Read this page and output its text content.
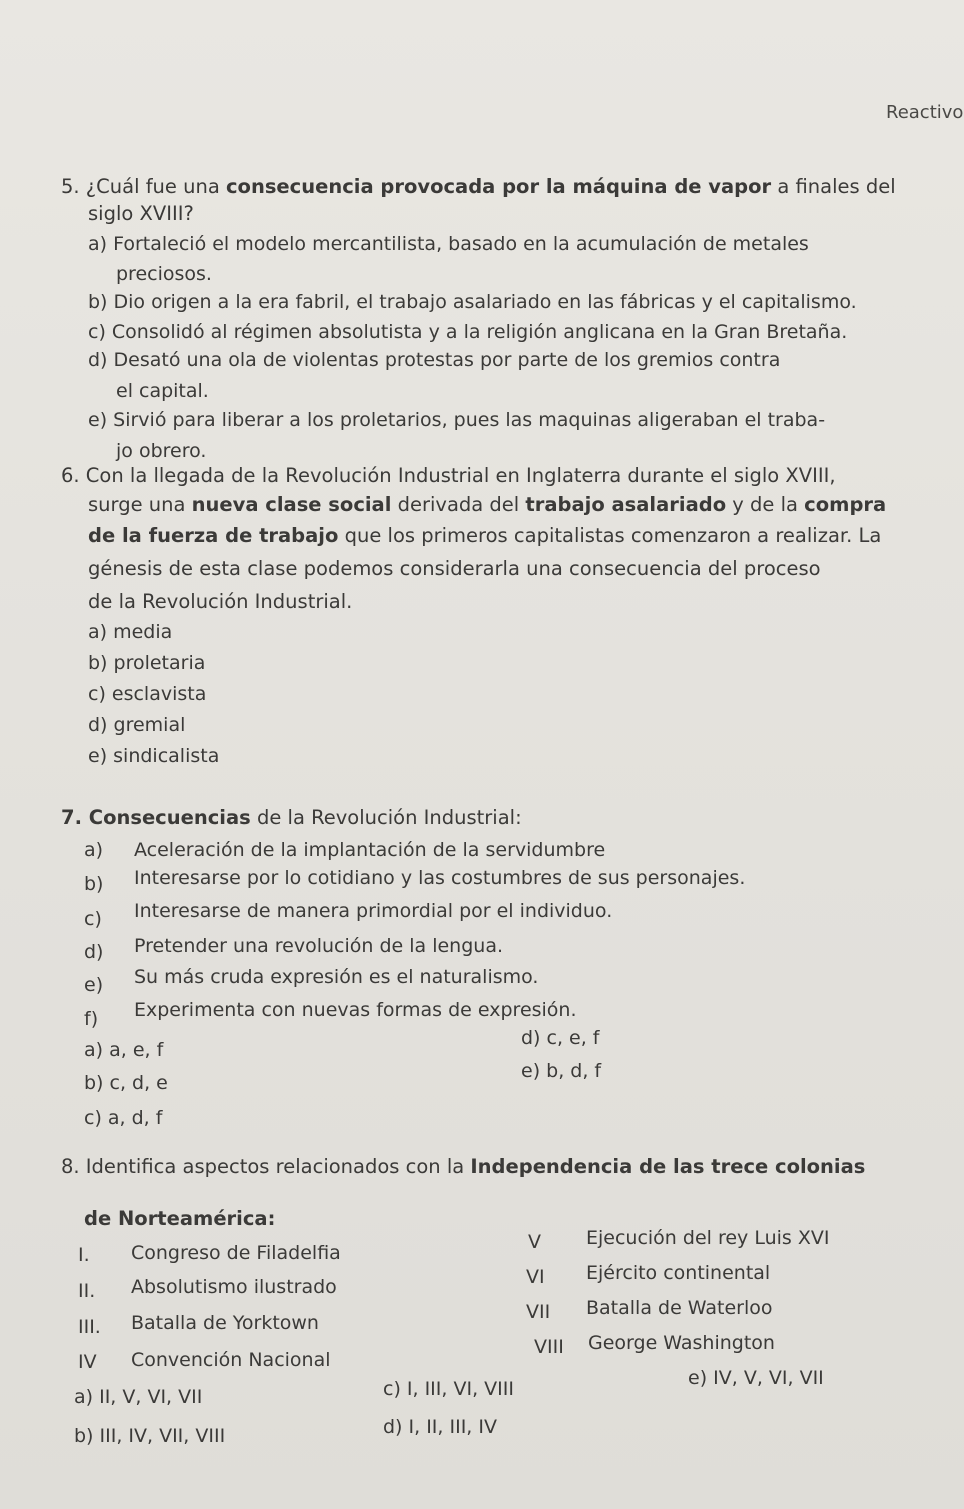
Reactivo
5. ¿Cuál fue una consecuencia provocada por la máquina de vapor a finales del
siglo XVIII?
a) Fortaleció el modelo mercantilista, basado en la acumulación de metales
preciosos.
b) Dio origen a la era fabril, el trabajo asalariado en las fábricas y el capitalismo.
c) Consolidó al régimen absolutista y a la religión anglicana en la Gran Bretaña.
d) Desató una ola de violentas protestas por parte de los gremios contra
el capital.
e) Sirvió para liberar a los proletarios, pues las maquinas aligeraban el traba-
jo obrero.
6. Con la llegada de la Revolución Industrial en Inglaterra durante el siglo XVIII,
surge una nueva clase social derivada del trabajo asalariado y de la compra
de la fuerza de trabajo que los primeros capitalistas comenzaron a realizar. La
génesis de esta clase podemos considerarla una consecuencia del proceso
de la Revolución Industrial.
a) media
b) proletaria
c) esclavista
d) gremial
e) sindicalista
7. Consecuencias de la Revolución Industrial:
a) Aceleración de la implantación de la servidumbre
b) Interesarse por lo cotidiano y las costumbres de sus personajes.
c) Interesarse de manera primordial por el individuo.
d) Pretender una revolución de la lengua.
e) Su más cruda expresión es el naturalismo.
f) Experimenta con nuevas formas de expresión.
a) a, e, f
b) c, d, e
c) a, d, f
d) c, e, f
e) b, d, f
8. Identifica aspectos relacionados con la Independencia de las trece colonias
de Norteamérica:
I. Congreso de Filadelfia
II. Absolutismo ilustrado
III. Batalla de Yorktown
IV Convención Nacional
V Ejecución del rey Luis XVI
VI Ejército continental
VII Batalla de Waterloo
VIII George Washington
a) II, V, VI, VII
b) III, IV, VII, VIII
c) I, III, VI, VIII
d) I, II, III, IV
e) IV, V, VI, VII
